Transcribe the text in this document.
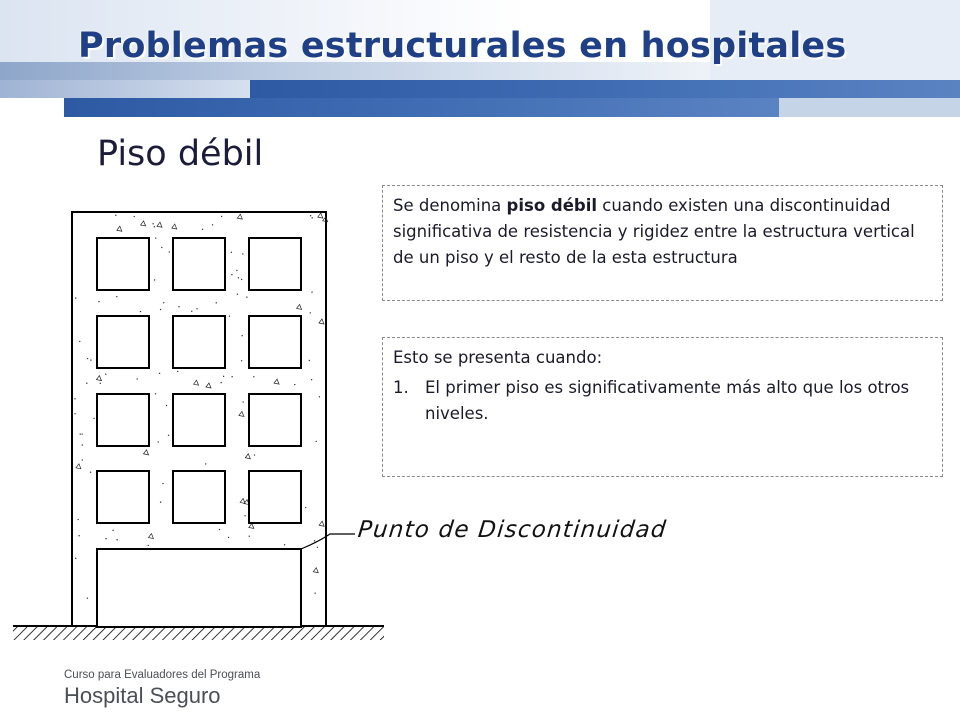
Problemas estructurales en hospitales
Piso débil
Se denomina piso débil cuando existen una discontinuidad significativa de resistencia y rigidez entre la estructura vertical de un piso y el resto de la esta estructura
Esto se presenta cuando:
1. El primer piso es significativamente más alto que los otros niveles.
Punto de Discontinuidad
Curso para Evaluadores del Programa
Hospital Seguro
